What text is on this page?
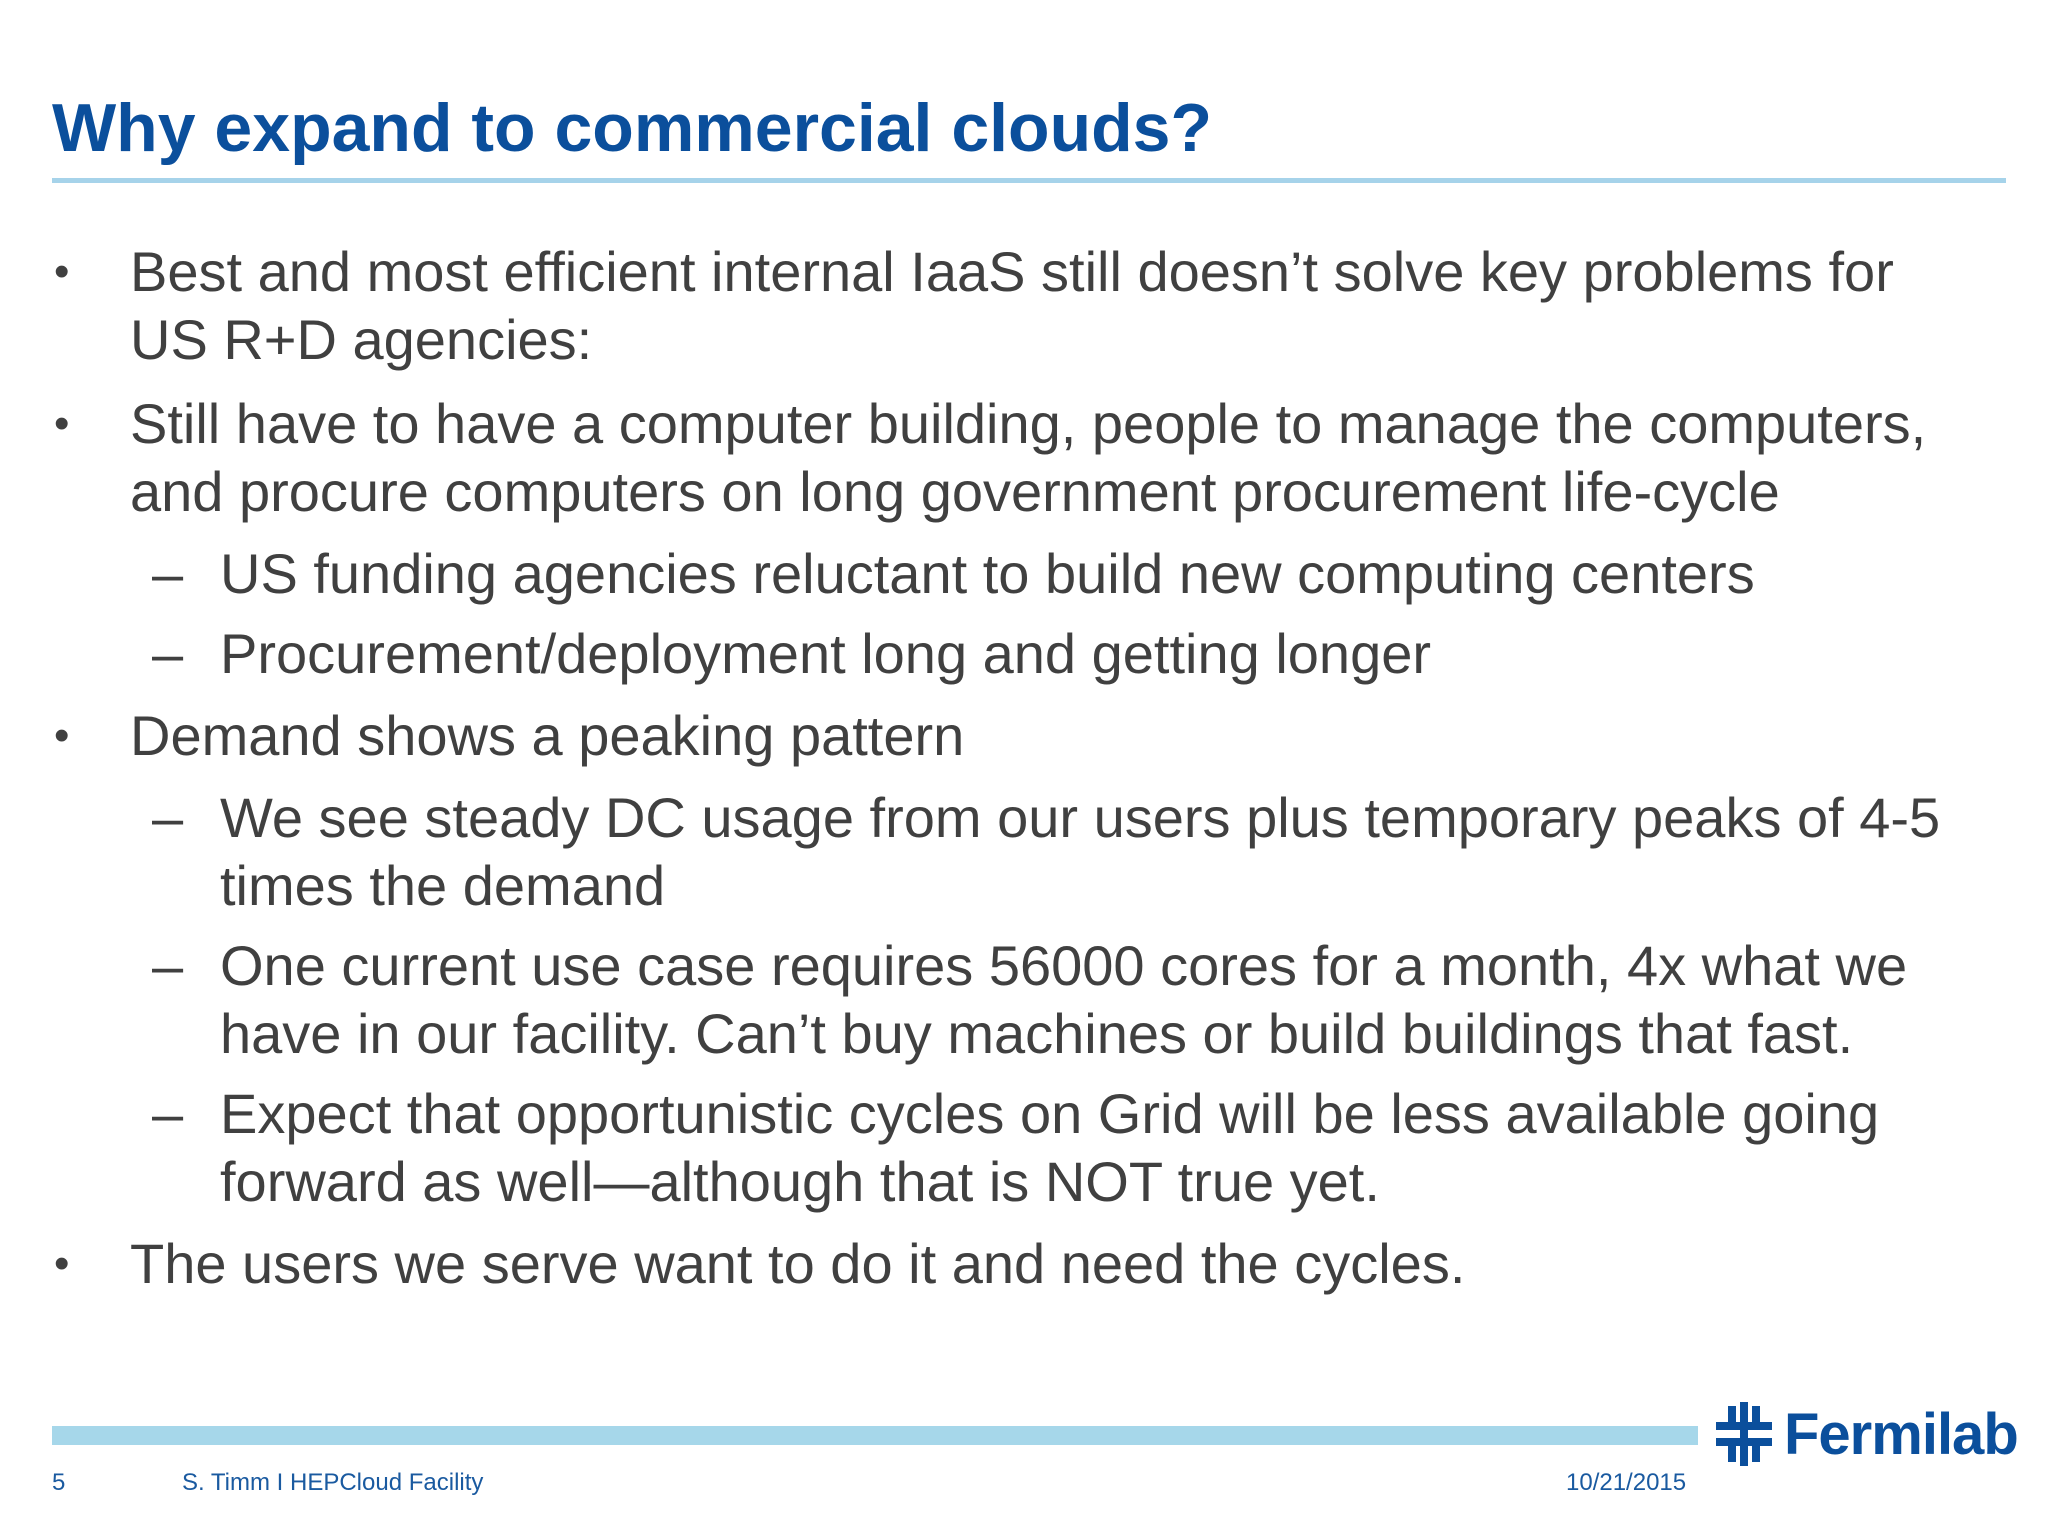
Why expand to commercial clouds?
• Best and most efficient internal IaaS still doesn’t solve key problems for
US R+D agencies:
• Still have to have a computer building, people to manage the computers,
and procure computers on long government procurement life-cycle
– US funding agencies reluctant to build new computing centers
– Procurement/deployment long and getting longer
• Demand shows a peaking pattern
– We see steady DC usage from our users plus temporary peaks of 4-5
times the demand
– One current use case requires 56000 cores for a month, 4x what we
have in our facility. Can’t buy machines or build buildings that fast.
– Expect that opportunistic cycles on Grid will be less available going
forward as well—although that is NOT true yet.
• The users we serve want to do it and need the cycles.
5	S. Timm I HEPCloud Facility	10/21/2015
Fermilab
